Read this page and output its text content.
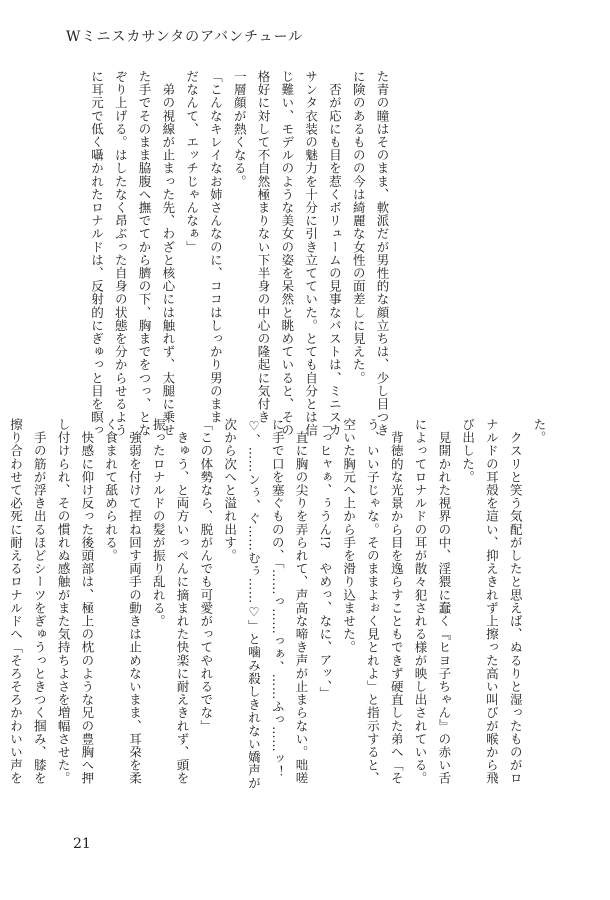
Wミニスカサンタのアバンチュール
た青の瞳はそのまま、軟派だが男性的な顔立ちは、少し目つき
に険のあるものの今は綺麗な女性の面差しに見えた。
　否が応にも目を惹くボリュームの見事なバストは、ミニスカ
サンタ衣装の魅力を十分に引き立てていた。とても自分とは信
じ難い、モデルのような美女の姿を呆然と眺めていると、その
格好に対して不自然極まりない下半身の中心の隆起に気付き
一層顔が熱くなる。
「こんなキレイなお姉さんなのに、ココはしっかり男のまま
だなんて、エッチじゃんなぁ」
　弟の視線が止まった先、わざと核心には触れず、太腿に乗せ
た手でそのまま脇腹へ撫でてから臍の下、胸までをつっ、とな
ぞり上げる。はしたなく昂ぶった自身の状態を分からせるよう
に耳元で低く囁かれたロナルドは、反射的にぎゅっと目を瞑っ	た。
　クスリと笑う気配がしたと思えば、ぬるりと湿ったものがロ
ナルドの耳殻を這い、抑えきれず上擦った高い叫びが喉から飛
び出した。
　見開かれた視界の中、淫猥に蠢く『ヒヨ子ちゃん』の赤い舌
によってロナルドの耳が散々犯される様が映し出されている。
　背徳的な光景から目を逸らすこともできず硬直した弟へ「そ
う、いい子じゃな。そのままよぉく見とれよ」と指示すると、
空いた胸元へ上から手を滑り込ませた。
「っヒャぁ、ぅうん!?　やめっ、なに、アッ、」
　直に胸の尖りを弄られて、声高な啼き声が止まらない。咄嗟
に手で口を塞ぐものの、「……っ……っぁ、……ふっ……ッ！
♡、……ンぅ、ぐ……むぅ……♡」と噛み殺しきれない嬌声が
次から次へと溢れ出す。
「この体勢なら、脱がんでも可愛がってやれるでな」
　きゅう、と両方いっぺんに摘まれた快楽に耐えきれず、頭を
振ったロナルドの髪が振り乱れる。
　強弱を付けて捏ね回す両手の動きは止めないまま、耳朶を柔
く食まれて舐められる。
　快感に仰け反った後頭部は、極上の枕のような兄の豊胸へ押
し付けられ、その慣れぬ感触がまた気持ちよさを増幅させた。
　手の筋が浮き出るほどシーツをぎゅうっときつく掴み、膝を
擦り合わせて必死に耐えるロナルドへ「そろそろかわいい声を
21
